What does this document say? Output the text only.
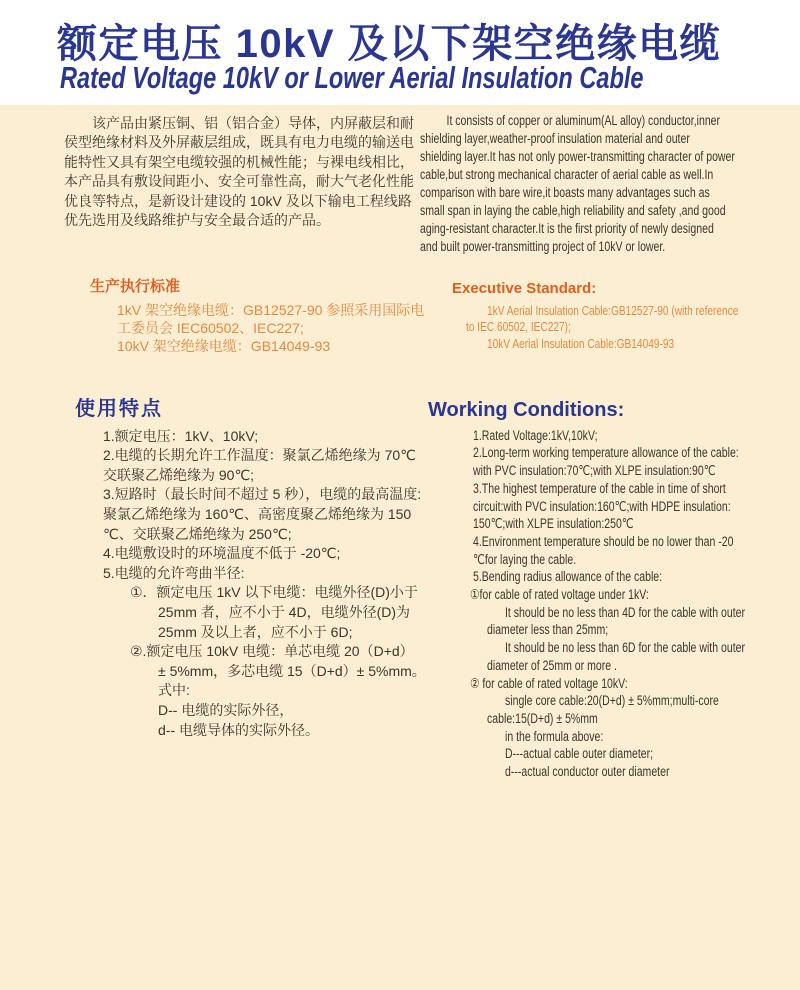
额定电压 10kV 及以下架空绝缘电缆
Rated Voltage 10kV or Lower Aerial Insulation Cable
该产品由紧压铜、铝（铝合金）导体，内屏蔽层和耐
侯型绝缘材料及外屏蔽层组成，既具有电力电缆的输送电
能特性又具有架空电缆较强的机械性能；与裸电线相比，
本产品具有敷设间距小、安全可靠性高，耐大气老化性能
优良等特点，是新设计建设的 10kV 及以下输电工程线路
优先选用及线路维护与安全最合适的产品。
It consists of copper or aluminum(AL alloy) conductor,inner
shielding layer,weather-proof insulation material and outer
shielding layer.It has not only power-transmitting character of power
cable,but strong mechanical character of aerial cable as well.In
comparison with bare wire,it boasts many advantages such as
small span in laying the cable,high reliability and safety ,and good
aging-resistant character.It is the first priority of newly designed
and built power-transmitting project of 10kV or lower.
生产执行标准
1kV 架空绝缘电缆：GB12527-90 参照采用国际电
工委员会 IEC60502、IEC227;
10kV 架空绝缘电缆：GB14049-93
Executive Standard:
1kV Aerial Insulation Cable:GB12527-90 (with reference
to IEC 60502, IEC227);
10kV Aerial Insulation Cable:GB14049-93
使用特点
1.额定电压：1kV、10kV;
2.电缆的长期允许工作温度：聚氯乙烯绝缘为 70℃
交联聚乙烯绝缘为 90℃;
3.短路时（最长时间不超过 5 秒），电缆的最高温度:
聚氯乙烯绝缘为 160℃、高密度聚乙烯绝缘为 150
℃、交联聚乙烯绝缘为 250℃;
4.电缆敷设时的环境温度不低于 -20℃;
5.电缆的允许弯曲半径:
①．额定电压 1kV 以下电缆：电缆外径(D)小于
25mm 者，应不小于 4D，电缆外径(D)为
25mm 及以上者，应不小于 6D;
②.额定电压 10kV 电缆：单芯电缆 20（D+d）
± 5%mm，多芯电缆 15（D+d）± 5%mm。
式中:
D-- 电缆的实际外径，
d-- 电缆导体的实际外径。
Working Conditions:
1.Rated Voltage:1kV,10kV;
2.Long-term working temperature allowance of the cable:
with PVC insulation:70℃;with XLPE insulation:90℃
3.The highest temperature of the cable in time of short
circuit:with PVC insulation:160℃;with HDPE insulation:
150℃;with XLPE insulation:250℃
4.Environment temperature should be no lower than -20
℃for laying the cable.
5.Bending radius allowance of the cable:
①for cable of rated voltage under 1kV:
It should be no less than 4D for the cable with outer
diameter less than 25mm;
It should be no less than 6D for the cable with outer
diameter of 25mm or more .
② for cable of rated voltage 10kV:
single core cable:20(D+d) ± 5%mm;multi-core
cable:15(D+d) ± 5%mm
in the formula above:
D---actual cable outer diameter;
d---actual conductor outer diameter
